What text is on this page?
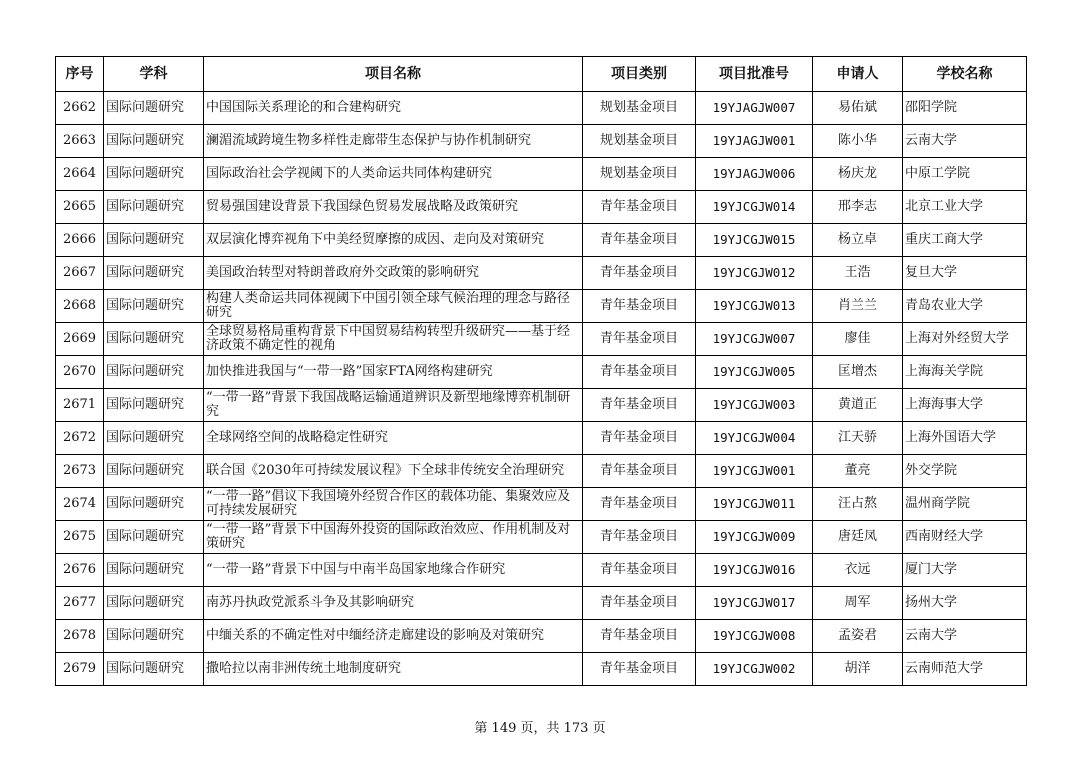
序号	学科	项目名称	项目类别	项目批准号	申请人	学校名称
2662	国际问题研究	中国国际关系理论的和合建构研究	规划基金项目	19YJAGJW007	易佑斌	邵阳学院
2663	国际问题研究	澜湄流域跨境生物多样性走廊带生态保护与协作机制研究	规划基金项目	19YJAGJW001	陈小华	云南大学
2664	国际问题研究	国际政治社会学视阈下的人类命运共同体构建研究	规划基金项目	19YJAGJW006	杨庆龙	中原工学院
2665	国际问题研究	贸易强国建设背景下我国绿色贸易发展战略及政策研究	青年基金项目	19YJCGJW014	邢李志	北京工业大学
2666	国际问题研究	双层演化博弈视角下中美经贸摩擦的成因、走向及对策研究	青年基金项目	19YJCGJW015	杨立卓	重庆工商大学
2667	国际问题研究	美国政治转型对特朗普政府外交政策的影响研究	青年基金项目	19YJCGJW012	王浩	复旦大学
2668	国际问题研究	构建人类命运共同体视阈下中国引领全球气候治理的理念与路径研究	青年基金项目	19YJCGJW013	肖兰兰	青岛农业大学
2669	国际问题研究	全球贸易格局重构背景下中国贸易结构转型升级研究——基于经济政策不确定性的视角	青年基金项目	19YJCGJW007	廖佳	上海对外经贸大学
2670	国际问题研究	加快推进我国与“一带一路”国家FTA网络构建研究	青年基金项目	19YJCGJW005	匡增杰	上海海关学院
2671	国际问题研究	“一带一路”背景下我国战略运输通道辨识及新型地缘博弈机制研究	青年基金项目	19YJCGJW003	黄道正	上海海事大学
2672	国际问题研究	全球网络空间的战略稳定性研究	青年基金项目	19YJCGJW004	江天骄	上海外国语大学
2673	国际问题研究	联合国《2030年可持续发展议程》下全球非传统安全治理研究	青年基金项目	19YJCGJW001	董亮	外交学院
2674	国际问题研究	“一带一路”倡议下我国境外经贸合作区的载体功能、集聚效应及可持续发展研究	青年基金项目	19YJCGJW011	汪占熬	温州商学院
2675	国际问题研究	“一带一路”背景下中国海外投资的国际政治效应、作用机制及对策研究	青年基金项目	19YJCGJW009	唐廷凤	西南财经大学
2676	国际问题研究	“一带一路”背景下中国与中南半岛国家地缘合作研究	青年基金项目	19YJCGJW016	衣远	厦门大学
2677	国际问题研究	南苏丹执政党派系斗争及其影响研究	青年基金项目	19YJCGJW017	周军	扬州大学
2678	国际问题研究	中缅关系的不确定性对中缅经济走廊建设的影响及对策研究	青年基金项目	19YJCGJW008	孟姿君	云南大学
2679	国际问题研究	撒哈拉以南非洲传统土地制度研究	青年基金项目	19YJCGJW002	胡洋	云南师范大学
第 149 页，共 173 页
